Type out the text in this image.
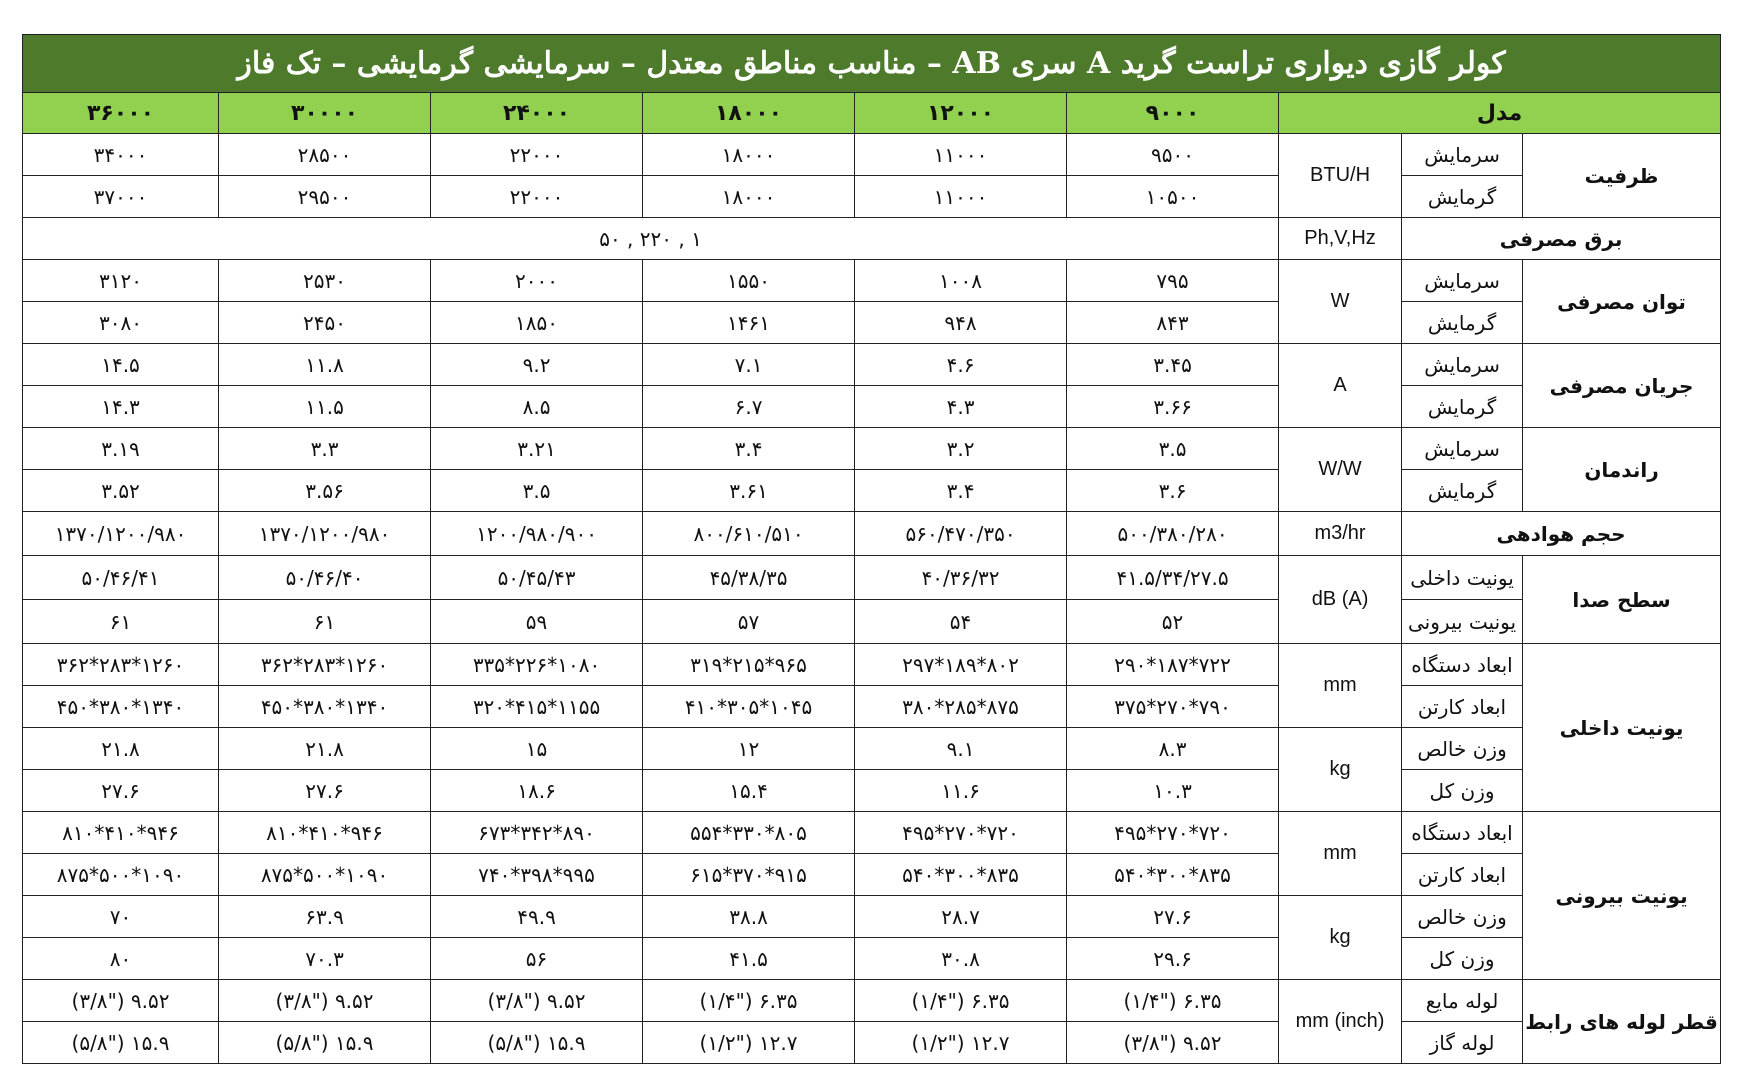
کولر گازی دیواری تراست گرید A سری AB – مناسب مناطق معتدل – سرمایشی گرمایشی – تک فاز								
مدل			۹۰۰۰	۱۲۰۰۰	۱۸۰۰۰	۲۴۰۰۰	۳۰۰۰۰	۳۶۰۰۰
ظرفیت	سرمایش	BTU/H	۹۵۰۰	۱۱۰۰۰	۱۸۰۰۰	۲۲۰۰۰	۲۸۵۰۰	۳۴۰۰۰
	گرمایش		۱۰۵۰۰	۱۱۰۰۰	۱۸۰۰۰	۲۲۰۰۰	۲۹۵۰۰	۳۷۰۰۰
برق مصرفی		Ph,V,Hz	۱ , ۲۲۰ , ۵۰					
توان مصرفی	سرمایش	W	۷۹۵	۱۰۰۸	۱۵۵۰	۲۰۰۰	۲۵۳۰	۳۱۲۰
	گرمایش		۸۴۳	۹۴۸	۱۴۶۱	۱۸۵۰	۲۴۵۰	۳۰۸۰
جریان مصرفی	سرمایش	A	۳.۴۵	۴.۶	۷.۱	۹.۲	۱۱.۸	۱۴.۵
	گرمایش		۳.۶۶	۴.۳	۶.۷	۸.۵	۱۱.۵	۱۴.۳
راندمان	سرمایش	W/W	۳.۵	۳.۲	۳.۴	۳.۲۱	۳.۳	۳.۱۹
	گرمایش		۳.۶	۳.۴	۳.۶۱	۳.۵	۳.۵۶	۳.۵۲
حجم هوادهی		m3/hr	۵۰۰/۳۸۰/۲۸۰	۵۶۰/۴۷۰/۳۵۰	۸۰۰/۶۱۰/۵۱۰	۱۲۰۰/۹۸۰/۹۰۰	۱۳۷۰/۱۲۰۰/۹۸۰	۱۳۷۰/۱۲۰۰/۹۸۰
سطح صدا	یونیت داخلی	dB (A)	۴۱.۵/۳۴/۲۷.۵	۴۰/۳۶/۳۲	۴۵/۳۸/۳۵	۵۰/۴۵/۴۳	۵۰/۴۶/۴۰	۵۰/۴۶/۴۱
	یونیت بیرونی		۵۲	۵۴	۵۷	۵۹	۶۱	۶۱
یونیت داخلی	ابعاد دستگاه	mm	۷۲۲*۱۸۷*۲۹۰	۸۰۲*۱۸۹*۲۹۷	۹۶۵*۲۱۵*۳۱۹	۱۰۸۰*۲۲۶*۳۳۵	۱۲۶۰*۲۸۳*۳۶۲	۱۲۶۰*۲۸۳*۳۶۲
	ابعاد کارتن		۷۹۰*۲۷۰*۳۷۵	۸۷۵*۲۸۵*۳۸۰	۱۰۴۵*۳۰۵*۴۱۰	۱۱۵۵*۴۱۵*۳۲۰	۱۳۴۰*۳۸۰*۴۵۰	۱۳۴۰*۳۸۰*۴۵۰
	وزن خالص	kg	۸.۳	۹.۱	۱۲	۱۵	۲۱.۸	۲۱.۸
	وزن کل		۱۰.۳	۱۱.۶	۱۵.۴	۱۸.۶	۲۷.۶	۲۷.۶
یونیت بیرونی	ابعاد دستگاه	mm	۷۲۰*۲۷۰*۴۹۵	۷۲۰*۲۷۰*۴۹۵	۸۰۵*۳۳۰*۵۵۴	۸۹۰*۳۴۲*۶۷۳	۹۴۶*۴۱۰*۸۱۰	۹۴۶*۴۱۰*۸۱۰
	ابعاد کارتن		۸۳۵*۳۰۰*۵۴۰	۸۳۵*۳۰۰*۵۴۰	۹۱۵*۳۷۰*۶۱۵	۹۹۵*۳۹۸*۷۴۰	۱۰۹۰*۵۰۰*۸۷۵	۱۰۹۰*۵۰۰*۸۷۵
	وزن خالص	kg	۲۷.۶	۲۸.۷	۳۸.۸	۴۹.۹	۶۳.۹	۷۰
	وزن کل		۲۹.۶	۳۰.۸	۴۱.۵	۵۶	۷۰.۳	۸۰
قطر لوله های رابط	لوله مایع	mm (inch)	۶.۳۵ ("۱/۴)	۶.۳۵ ("۱/۴)	۶.۳۵ ("۱/۴)	۹.۵۲ ("۳/۸)	۹.۵۲ ("۳/۸)	۹.۵۲ ("۳/۸)
	لوله گاز		۹.۵۲ ("۳/۸)	۱۲.۷ ("۱/۲)	۱۲.۷ ("۱/۲)	۱۵.۹ ("۵/۸)	۱۵.۹ ("۵/۸)	۱۵.۹ ("۵/۸)
